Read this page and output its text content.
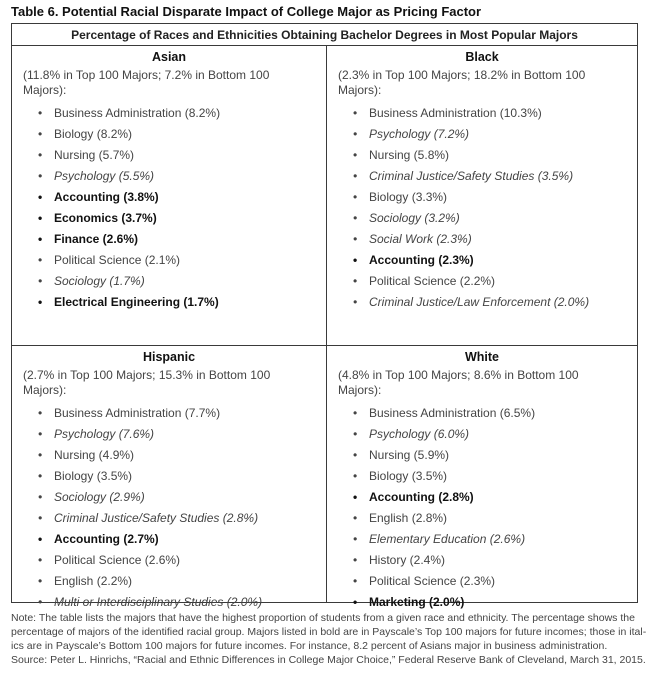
Table 6. Potential Racial Disparate Impact of College Major as Pricing Factor
Percentage of Races and Ethnicities Obtaining Bachelor Degrees in Most Popular Majors
Asian
(11.8% in Top 100 Majors; 7.2% in Bottom 100 Majors):
• Business Administration (8.2%)
• Biology (8.2%)
• Nursing (5.7%)
• Psychology (5.5%)
• Accounting (3.8%)
• Economics (3.7%)
• Finance (2.6%)
• Political Science (2.1%)
• Sociology (1.7%)
• Electrical Engineering (1.7%)
Black
(2.3% in Top 100 Majors; 18.2% in Bottom 100 Majors):
• Business Administration (10.3%)
• Psychology (7.2%)
• Nursing (5.8%)
• Criminal Justice/Safety Studies (3.5%)
• Biology (3.3%)
• Sociology (3.2%)
• Social Work (2.3%)
• Accounting (2.3%)
• Political Science (2.2%)
• Criminal Justice/Law Enforcement (2.0%)
Hispanic
(2.7% in Top 100 Majors; 15.3% in Bottom 100 Majors):
• Business Administration (7.7%)
• Psychology (7.6%)
• Nursing (4.9%)
• Biology (3.5%)
• Sociology (2.9%)
• Criminal Justice/Safety Studies (2.8%)
• Accounting (2.7%)
• Political Science (2.6%)
• English (2.2%)
• Multi or Interdisciplinary Studies (2.0%)
White
(4.8% in Top 100 Majors; 8.6% in Bottom 100 Majors):
• Business Administration (6.5%)
• Psychology (6.0%)
• Nursing (5.9%)
• Biology (3.5%)
• Accounting (2.8%)
• English (2.8%)
• Elementary Education (2.6%)
• History (2.4%)
• Political Science (2.3%)
• Marketing (2.0%)
Note: The table lists the majors that have the highest proportion of students from a given race and ethnicity. The percentage shows the
percentage of majors of the identified racial group. Majors listed in bold are in Payscale’s Top 100 majors for future incomes; those in ital-
ics are in Payscale’s Bottom 100 majors for future incomes. For instance, 8.2 percent of Asians major in business administration.
Source: Peter L. Hinrichs, “Racial and Ethnic Differences in College Major Choice,” Federal Reserve Bank of Cleveland, March 31, 2015.
